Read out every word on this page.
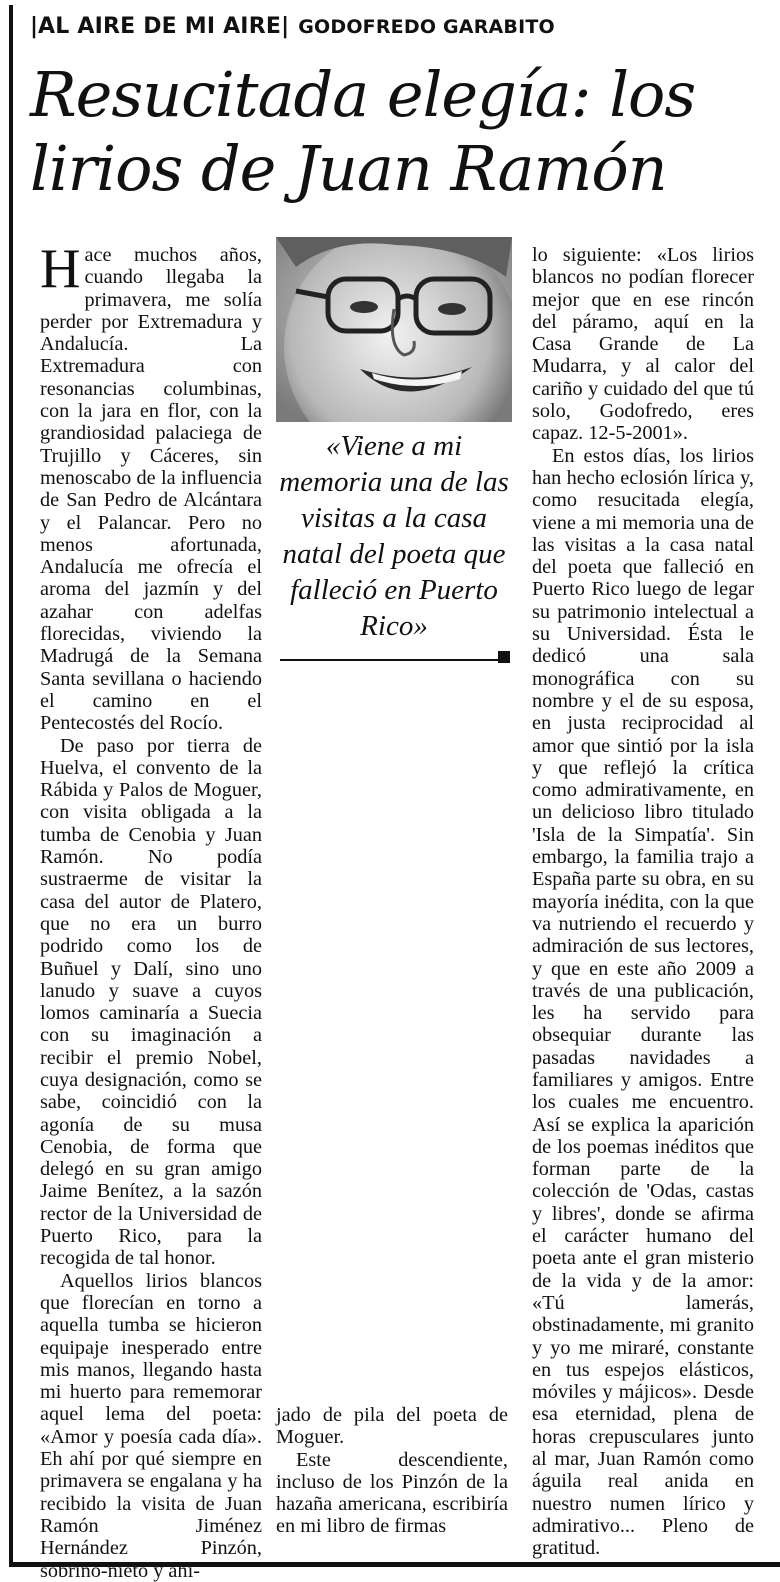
|AL AIRE DE MI AIRE| GODOFREDO GARABITO
Resucitada elegía: los lirios de Juan Ramón

Hace muchos años, cuando llegaba la primavera, me solía perder por Extremadura y Andalucía. La Extremadura con resonancias columbinas, con la jara en flor, con la grandiosidad palaciega de Trujillo y Cáceres, sin menoscabo de la influencia de San Pedro de Alcántara y el Palancar. Pero no menos afortunada, Andalucía me ofrecía el aroma del jazmín y del azahar con adelfas florecidas, viviendo la Madrugá de la Semana Santa sevillana o haciendo el camino en el Pentecostés del Rocío.

De paso por tierra de Huelva, el convento de la Rábida y Palos de Moguer, con visita obligada a la tumba de Cenobia y Juan Ramón. No podía sustraerme de visitar la casa del autor de Platero, que no era un burro podrido como los de Buñuel y Dalí, sino uno lanudo y suave a cuyos lomos caminaría a Suecia con su imaginación a recibir el premio Nobel, cuya designación, como se sabe, coincidió con la agonía de su musa Cenobia, de forma que delegó en su gran amigo Jaime Benítez, a la sazón rector de la Universidad de Puerto Rico, para la recogida de tal honor.

Aquellos lirios blancos que florecían en torno a aquella tumba se hicieron equipaje inesperado entre mis manos, llegando hasta mi huerto para rememorar aquel lema del poeta: «Amor y poesía cada día». Eh ahí por qué siempre en primavera se engalana y ha recibido la visita de Juan Ramón Jiménez Hernández Pinzón, sobrino-nieto y ahi-

«Viene a mi memoria una de las visitas a la casa natal del poeta que falleció en Puerto Rico»

jado de pila del poeta de Moguer.

Este descendiente, incluso de los Pinzón de la hazaña americana, escribiría en mi libro de firmas

lo siguiente: «Los lirios blancos no podían florecer mejor que en ese rincón del páramo, aquí en la Casa Grande de La Mudarra, y al calor del cariño y cuidado del que tú solo, Godofredo, eres capaz. 12-5-2001».

En estos días, los lirios han hecho eclosión lírica y, como resucitada elegía, viene a mi memoria una de las visitas a la casa natal del poeta que falleció en Puerto Rico luego de legar su patrimonio intelectual a su Universidad. Ésta le dedicó una sala monográfica con su nombre y el de su esposa, en justa reciprocidad al amor que sintió por la isla y que reflejó la crítica como admirativamente, en un delicioso libro titulado 'Isla de la Simpatía'. Sin embargo, la familia trajo a España parte su obra, en su mayoría inédita, con la que va nutriendo el recuerdo y admiración de sus lectores, y que en este año 2009 a través de una publicación, les ha servido para obsequiar durante las pasadas navidades a familiares y amigos. Entre los cuales me encuentro. Así se explica la aparición de los poemas inéditos que forman parte de la colección de 'Odas, castas y libres', donde se afirma el carácter humano del poeta ante el gran misterio de la vida y de la amor: «Tú lamerás, obstinadamente, mi granito y yo me miraré, constante en tus espejos elásticos, móviles y májicos». Desde esa eternidad, plena de horas crepusculares junto al mar, Juan Ramón como águila real anida en nuestro numen lírico y admirativo... Pleno de gratitud.
